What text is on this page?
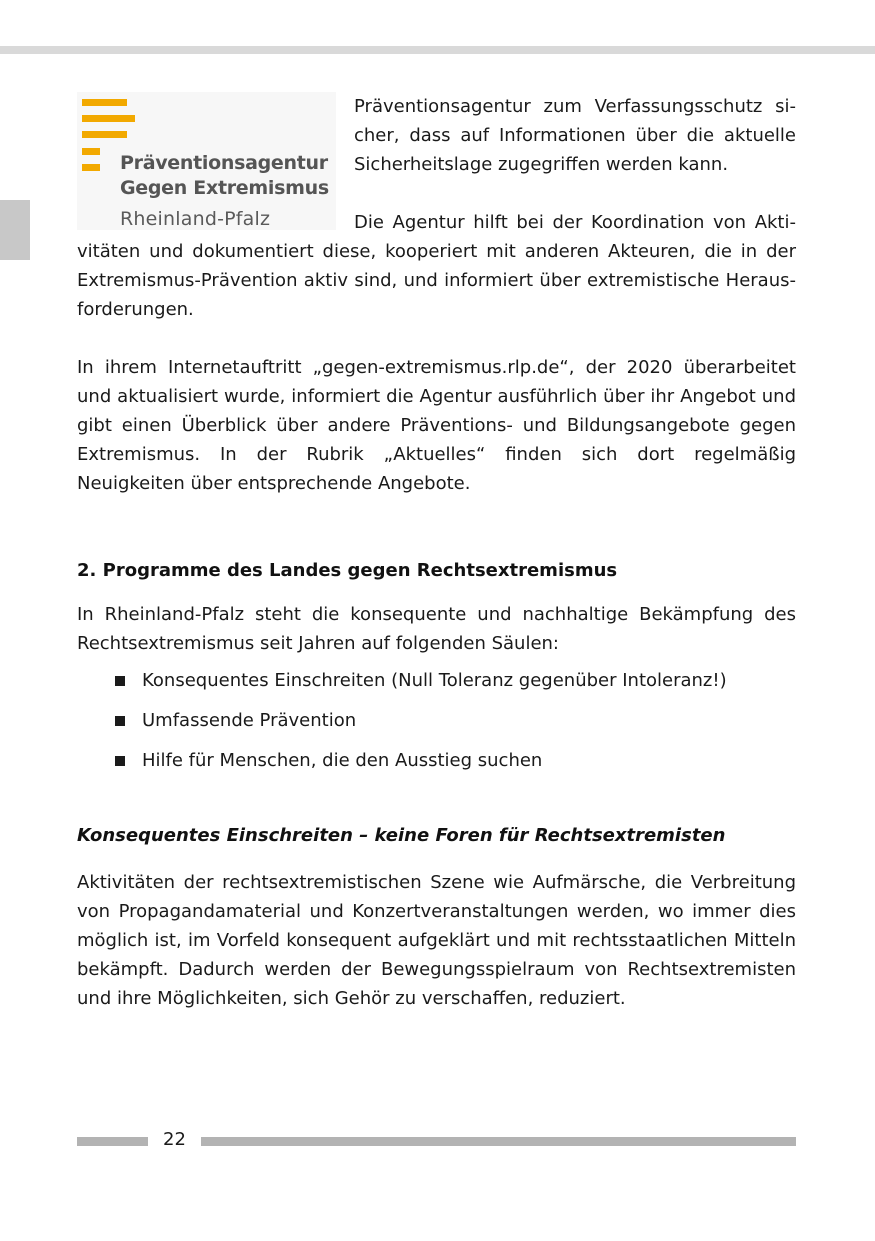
Präventionsagentur
Gegen Extremismus
Rheinland-Pfalz

Präventionsagentur zum Verfassungsschutz sicher, dass auf Informationen über die aktuelle Sicherheitslage zugegriffen werden kann.

Die Agentur hilft bei der Koordination von Aktivitäten und dokumentiert diese, kooperiert mit anderen Akteuren, die in der Extremismus-Prävention aktiv sind, und informiert über extremistische Herausforderungen.

In ihrem Internetauftritt „gegen-extremismus.rlp.de“, der 2020 überarbeitet und aktualisiert wurde, informiert die Agentur ausführlich über ihr Angebot und gibt einen Überblick über andere Präventions- und Bildungsangebote gegen Extremismus. In der Rubrik „Aktuelles“ finden sich dort regelmäßig Neuigkeiten über entsprechende Angebote.

2. Programme des Landes gegen Rechtsextremismus

In Rheinland-Pfalz steht die konsequente und nachhaltige Bekämpfung des Rechtsextremismus seit Jahren auf folgenden Säulen:

Konsequentes Einschreiten (Null Toleranz gegenüber Intoleranz!)
Umfassende Prävention
Hilfe für Menschen, die den Ausstieg suchen
Konsequentes Einschreiten – keine Foren für Rechtsextremisten

Aktivitäten der rechtsextremistischen Szene wie Aufmärsche, die Verbreitung von Propagandamaterial und Konzertveranstaltungen werden, wo immer dies möglich ist, im Vorfeld konsequent aufgeklärt und mit rechtsstaatlichen Mitteln bekämpft. Dadurch werden der Bewegungsspielraum von Rechtsextremisten und ihre Möglichkeiten, sich Gehör zu verschaffen, reduziert.

22
